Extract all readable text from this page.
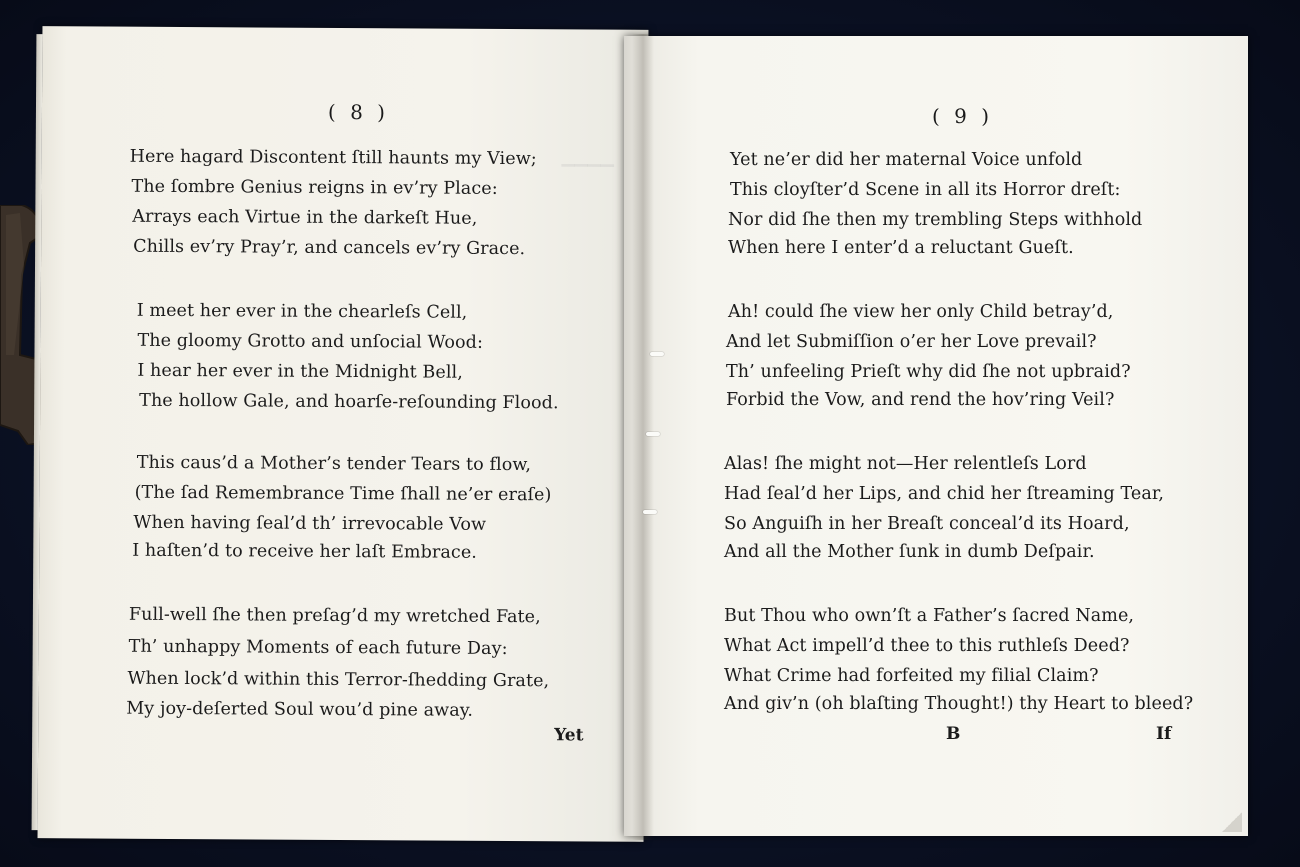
( 8 )
▁▁▁▁
Here hagard Discontent ſtill haunts my View;
The ſombre Genius reigns in ev’ry Place:
Arrays each Virtue in the darkeſt Hue,
Chills ev’ry Pray’r, and cancels ev’ry Grace.
I meet her ever in the chearleſs Cell,
The gloomy Grotto and unſocial Wood:
I hear her ever in the Midnight Bell,
The hollow Gale, and hoarſe-reſounding Flood.
This caus’d a Mother’s tender Tears to flow,
(The ſad Remembrance Time ſhall ne’er eraſe)
When having ſeal’d th’ irrevocable Vow
I haſten’d to receive her laſt Embrace.
Full-well ſhe then preſag’d my wretched Fate,
Th’ unhappy Moments of each future Day:
When lock’d within this Terror-ſhedding Grate,
My joy-deſerted Soul wou’d pine away.
Yet
( 9 )
Yet ne’er did her maternal Voice unfold
This cloyſter’d Scene in all its Horror dreſt:
Nor did ſhe then my trembling Steps withhold
When here I enter’d a reluctant Gueſt.
Ah! could ſhe view her only Child betray’d,
And let Submiſſion o’er her Love prevail?
Th’ unfeeling Prieſt why did ſhe not upbraid?
Forbid the Vow, and rend the hov’ring Veil?
Alas! ſhe might not—Her relentleſs Lord
Had ſeal’d her Lips, and chid her ſtreaming Tear,
So Anguiſh in her Breaſt conceal’d its Hoard,
And all the Mother ſunk in dumb Deſpair.
But Thou who own’ſt a Father’s ſacred Name,
What Act impell’d thee to this ruthleſs Deed?
What Crime had forfeited my filial Claim?
And giv’n (oh blaſting Thought!) thy Heart to bleed?
B	If
